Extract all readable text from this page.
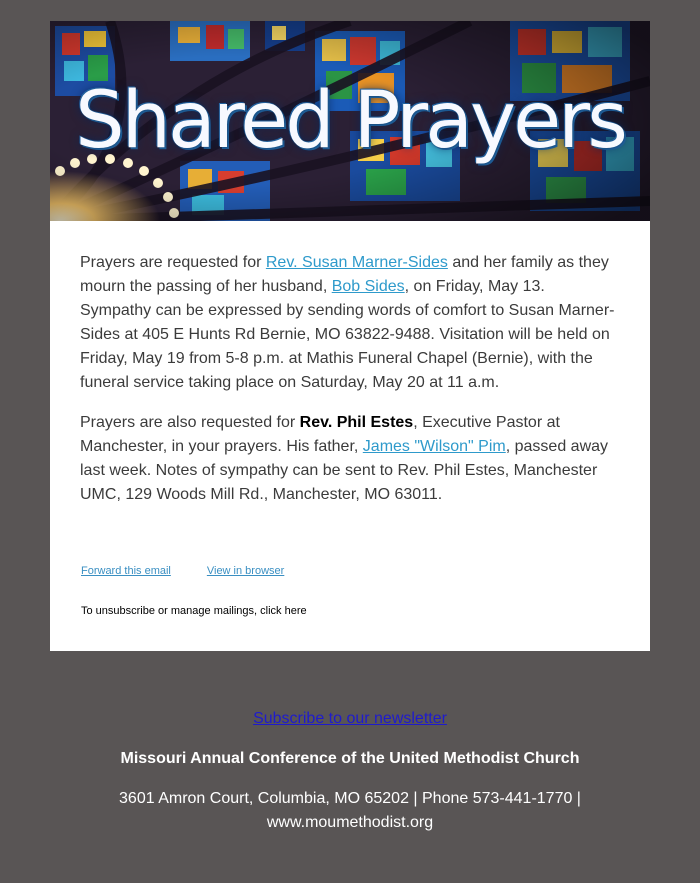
Shared Prayers

Prayers are requested for Rev. Susan Marner-Sides and her family as they mourn the passing of her husband, Bob Sides, on Friday, May 13. Sympathy can be expressed by sending words of comfort to Susan Marner-Sides at 405 E Hunts Rd Bernie, MO 63822-9488. Visitation will be held on Friday, May 19 from 5-8 p.m. at Mathis Funeral Chapel (Bernie), with the funeral service taking place on Saturday, May 20 at 11 a.m.

Prayers are also requested for Rev. Phil Estes, Executive Pastor at Manchester, in your prayers. His father, James "Wilson" Pim, passed away last week. Notes of sympathy can be sent to Rev. Phil Estes, Manchester UMC, 129 Woods Mill Rd., Manchester, MO 63011.

Forward this email	View in browser
To unsubscribe or manage mailings, click here
Subscribe to our newsletter
Missouri Annual Conference of the United Methodist Church
3601 Amron Court, Columbia, MO 65202 | Phone 573-441-1770 |
www.moumethodist.org
